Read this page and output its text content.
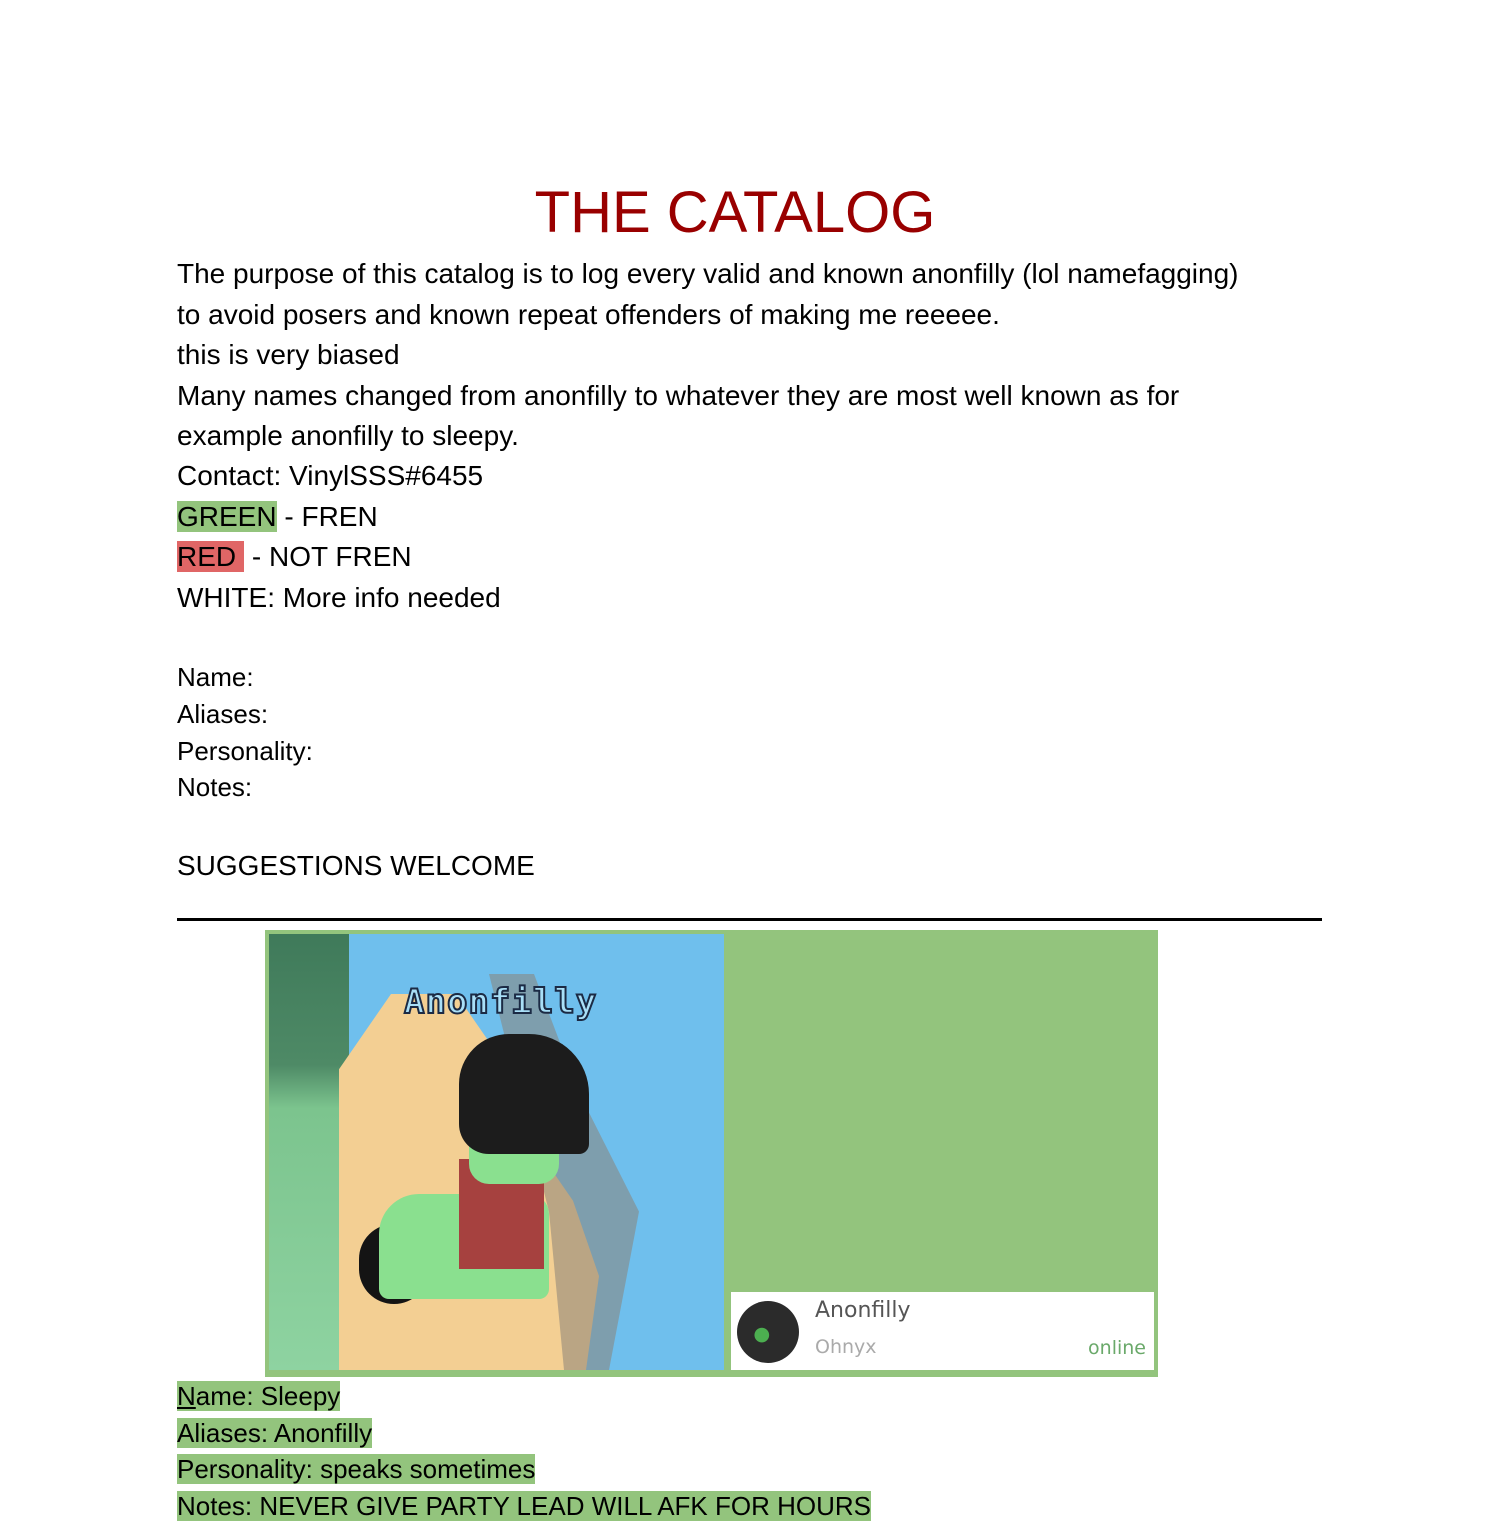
THE CATALOG
The purpose of this catalog is to log every valid and known anonfilly (lol namefagging)
to avoid posers and known repeat offenders of making me reeeee.
this is very biased
Many names changed from anonfilly to whatever they are most well known as for
example anonfilly to sleepy.
Contact: VinylSSS#6455
GREEN - FREN
RED - NOT FREN
WHITE: More info needed
Name:
Aliases:
Personality:
Notes:
SUGGESTIONS WELCOME
Anonfilly
Anonfilly
Ohnyx	online
Name: Sleepy
Aliases: Anonfilly
Personality: speaks sometimes
Notes: NEVER GIVE PARTY LEAD WILL AFK FOR HOURS
